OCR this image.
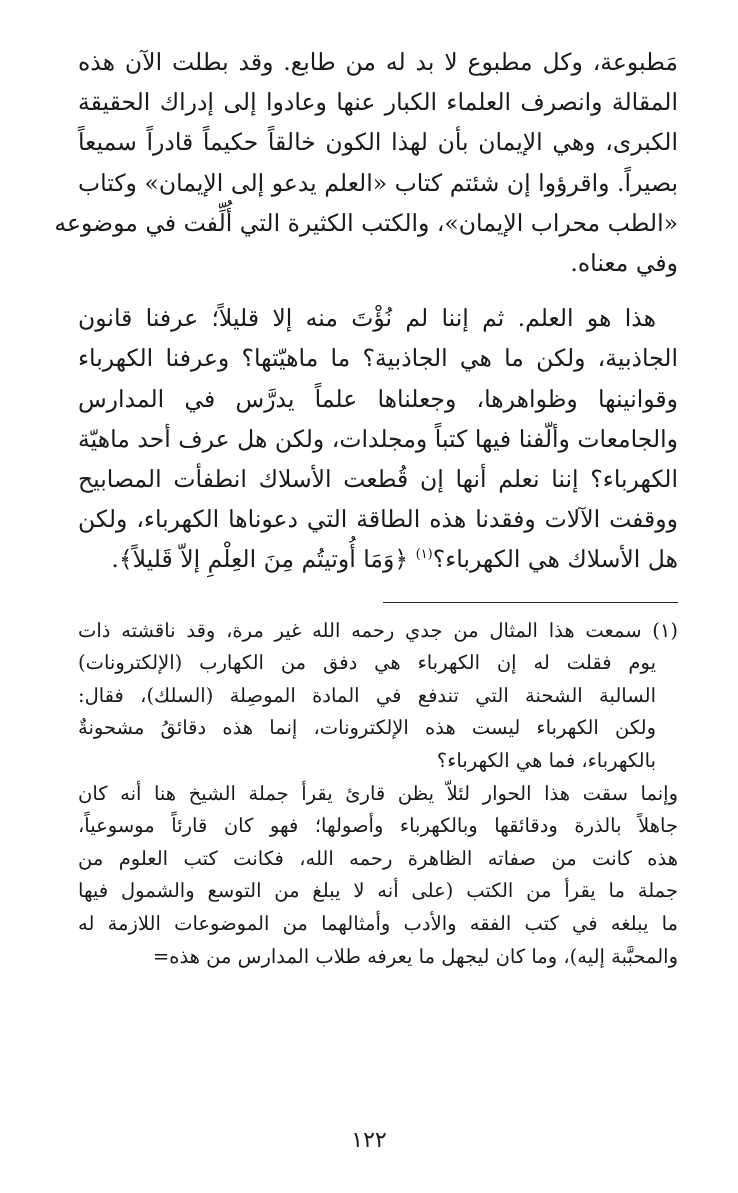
مَطبوعة، وكل مطبوع لا بد له من طابع. وقد بطلت الآن هذه
المقالة وانصرف العلماء الكبار عنها وعادوا إلى إدراك الحقيقة
الكبرى، وهي الإيمان بأن لهذا الكون خالقاً حكيماً قادراً سميعاً
بصيراً. واقرؤوا إن شئتم كتاب «العلم يدعو إلى الإيمان» وكتاب
«الطب محراب الإيمان»، والكتب الكثيرة التي أُلِّفت في موضوعه
وفي معناه.

هذا هو العلم. ثم إننا لم نُؤْتَ منه إلا قليلاً؛ عرفنا قانون
الجاذبية، ولكن ما هي الجاذبية؟ ما ماهيّتها؟ وعرفنا الكهرباء
وقوانينها وظواهرها، وجعلناها علماً يدرَّس في المدارس
والجامعات وألّفنا فيها كتباً ومجلدات، ولكن هل عرف أحد ماهيّة
الكهرباء؟ إننا نعلم أنها إن قُطعت الأسلاك انطفأت المصابيح
ووقفت الآلات وفقدنا هذه الطاقة التي دعوناها الكهرباء، ولكن
هل الأسلاك هي الكهرباء؟$^{(١)}$ ﴿وَمَا أُوتيتُم مِنَ العِلْمِ إلاّ قَليلاً﴾.

(١) سمعت هذا المثال من جدي رحمه الله غير مرة، وقد ناقشته ذات
يوم فقلت له إن الكهرباء هي دفق من الكهارب (الإلكترونات)
السالبة الشحنة التي تندفع في المادة الموصِلة (السلك)، فقال:
ولكن الكهرباء ليست هذه الإلكترونات، إنما هذه دقائقُ مشحونةٌ
بالكهرباء، فما هي الكهرباء؟
وإنما سقت هذا الحوار لئلاّ يظن قارئ يقرأ جملة الشيخ هنا أنه كان
جاهلاً بالذرة ودقائقها وبالكهرباء وأصولها؛ فهو كان قارئاً موسوعياً،
هذه كانت من صفاته الظاهرة رحمه الله، فكانت كتب العلوم من
جملة ما يقرأ من الكتب (على أنه لا يبلغ من التوسع والشمول فيها
ما يبلغه في كتب الفقه والأدب وأمثالهما من الموضوعات اللازمة له
والمحبَّبة إليه)، وما كان ليجهل ما يعرفه طلاب المدارس من هذه=

١٢٢
